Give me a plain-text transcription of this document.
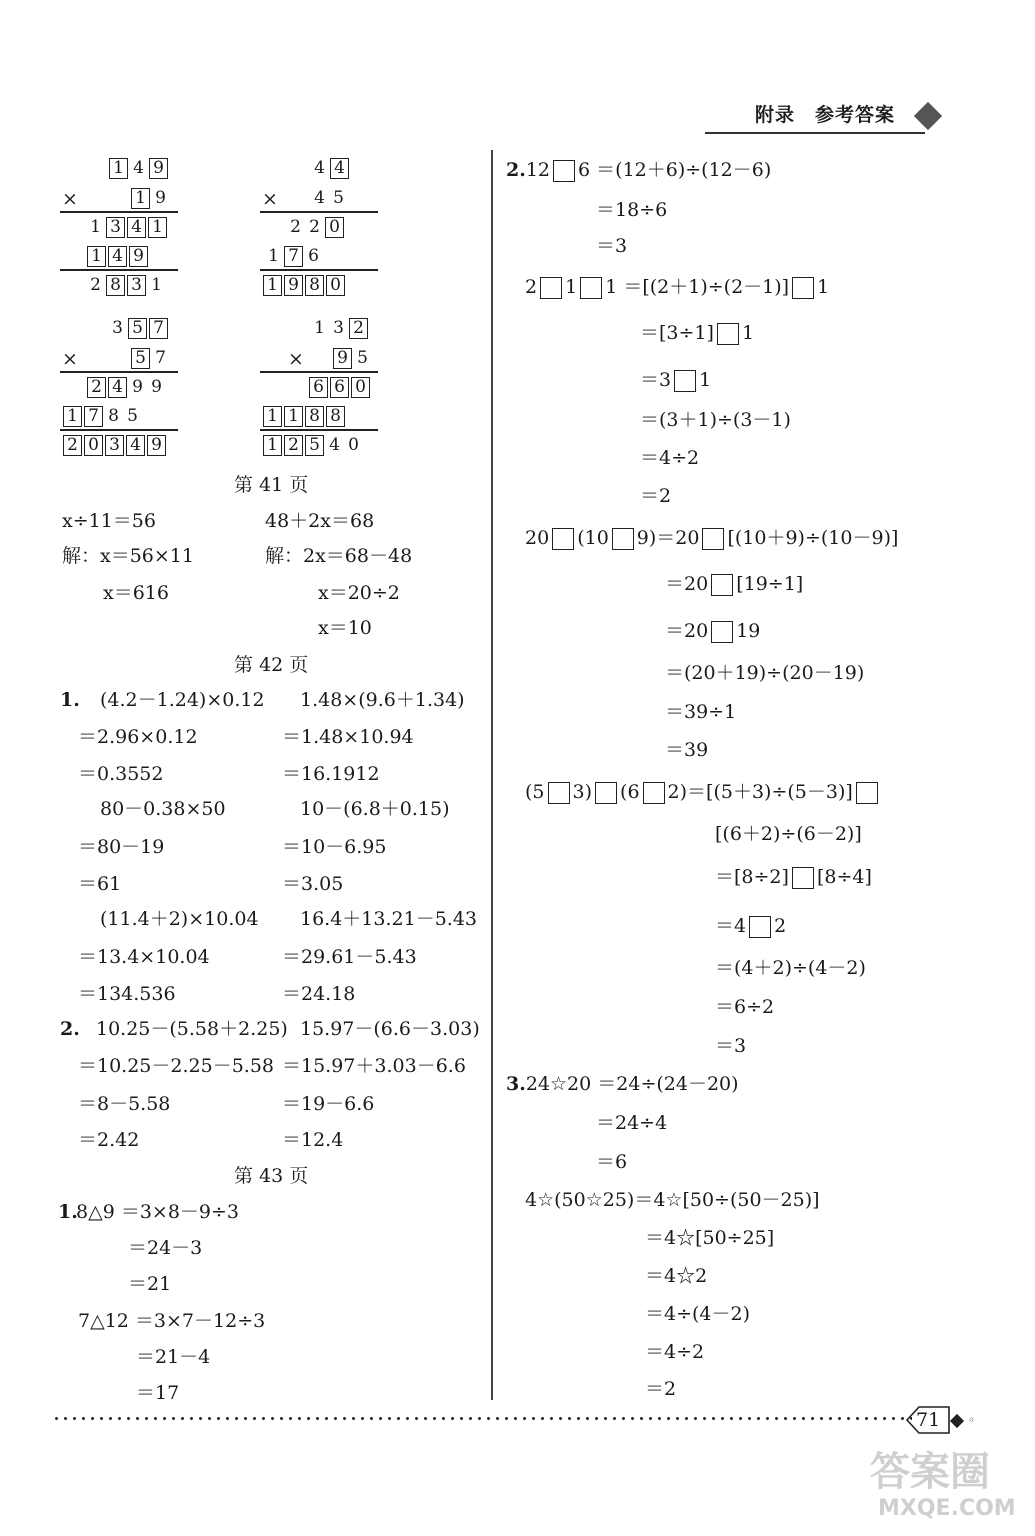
附录　参考答案
1 4 9
×	1 9
1 3 4 1
1 4 9
2 8 3 1
4 4
× 4 5
2 2 0
1 7 6
1 9 8 0
3 5 7
×	5 7
2 4 9 9
1 7 8 5
2 0 3 4 9
1 3 2
× 9 5
6 6 0
1 1 8 8
1 2 5 4 0
第 41 页
x÷11＝56
解：x＝56×11
x＝616
48＋2x＝68
解：2x＝68－48
x＝20÷2
x＝10
第 42 页
1. (4.2－1.24)×0.12
＝2.96×0.12
＝0.3552
1.48×(9.6＋1.34)
＝1.48×10.94
＝16.1912
80－0.38×50
＝80－19
＝61
10－(6.8＋0.15)
＝10－6.95
＝3.05
(11.4＋2)×10.04
＝13.4×10.04
＝134.536
16.4＋13.21－5.43
＝29.61－5.43
＝24.18
2. 10.25－(5.58＋2.25)
＝10.25－2.25－5.58
＝8－5.58
＝2.42
15.97－(6.6－3.03)
＝15.97＋3.03－6.6
＝19－6.6
＝12.4
第 43 页
1.
8△9 ＝3×8－9÷3
＝24－3
＝21
7△12 ＝3×7－12÷3
＝21－4
＝17
2.12 6 ＝(12＋6)÷(12－6)
＝18÷6
＝3
2 1 1 ＝[(2＋1)÷(2－1)] 1
＝[3÷1] 1
＝3 1
＝(3＋1)÷(3－1)
＝4÷2
＝2
20 (10 9)＝20 [(10＋9)÷(10－9)]
＝20 [19÷1]
＝20 19
＝(20＋19)÷(20－19)
＝39÷1
＝39
(5 3) (6 2)＝[(5＋3)÷(5－3)]
[(6＋2)÷(6－2)]
＝[8÷2] [8÷4]
＝4 2
＝(4＋2)÷(4－2)
＝6÷2
＝3
3.24☆20 ＝24÷(24－20)
＝24÷4
＝6
4☆(50☆25)＝4☆[50÷(50－25)]
＝4☆[50÷25]
＝4☆2
＝4÷(4－2)
＝4÷2
＝2
71 ◦
答案圈
MXQE.COM
